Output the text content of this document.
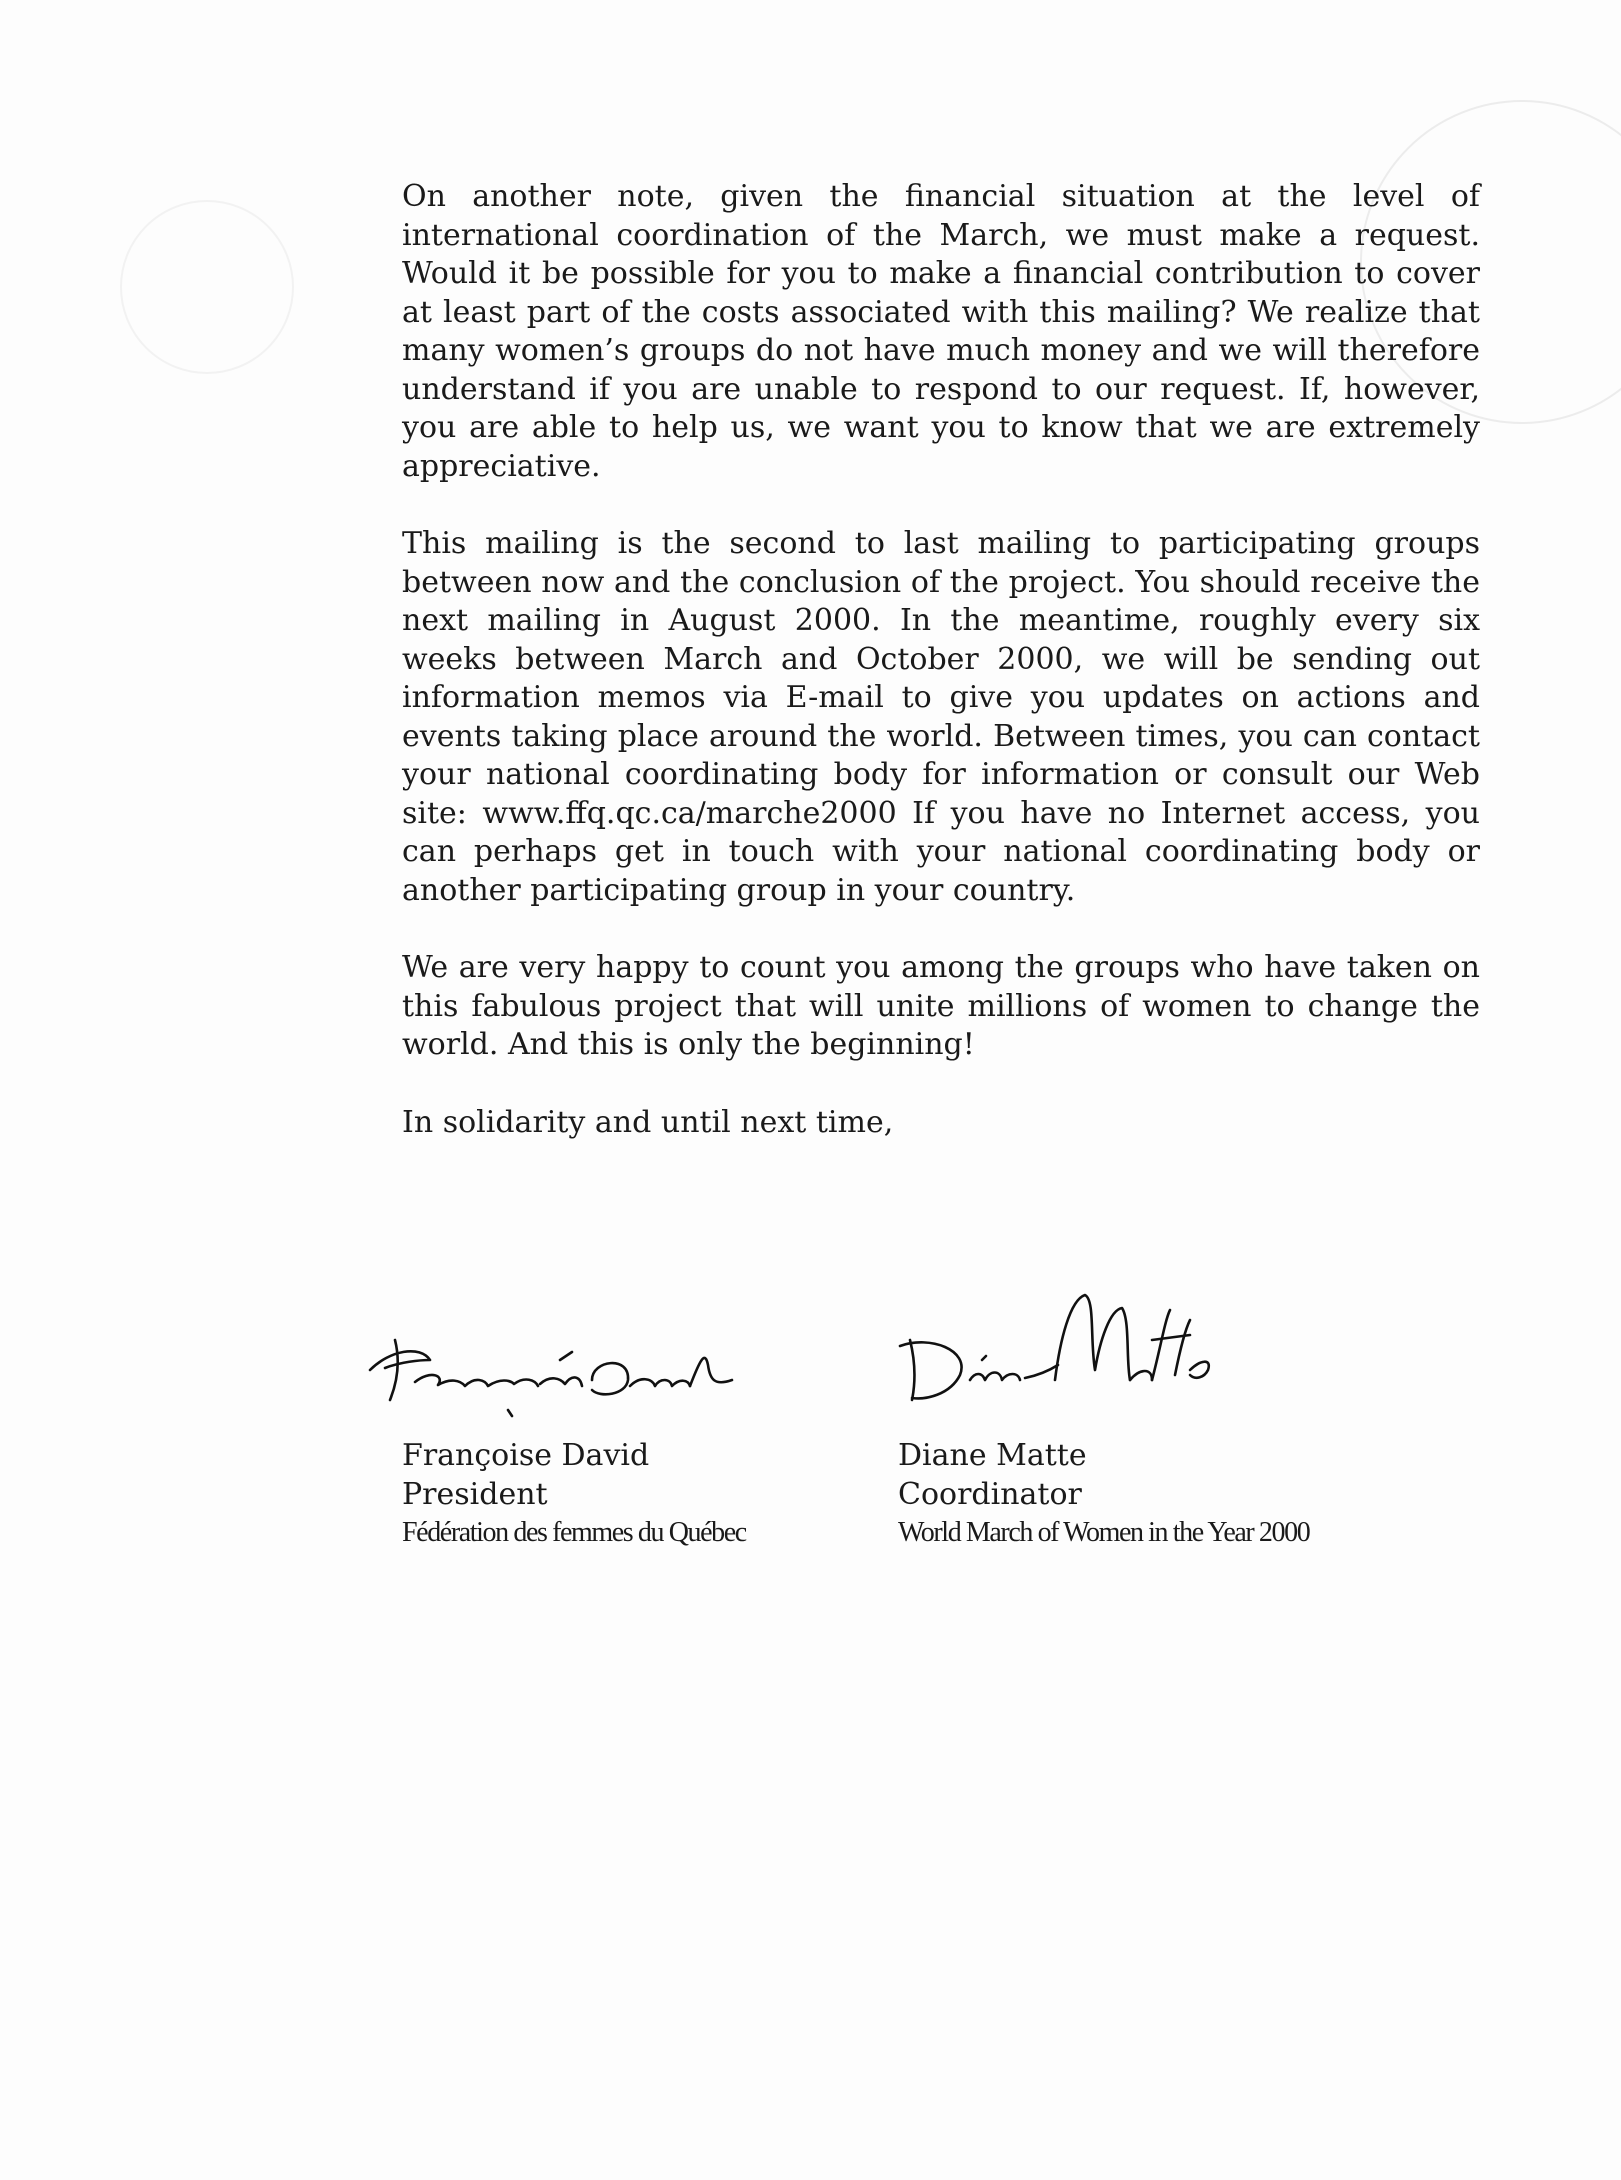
On another note, given the financial situation at the level of international coordination of the March, we must make a request. Would it be possible for you to make a financial contribution to cover at least part of the costs associated with this mailing? We realize that many women’s groups do not have much money and we will therefore understand if you are unable to respond to our request. If, however, you are able to help us, we want you to know that we are extremely appreciative.

This mailing is the second to last mailing to participating groups between now and the conclusion of the project. You should receive the next mailing in August 2000. In the meantime, roughly every six weeks between March and October 2000, we will be sending out information memos via E-mail to give you updates on actions and events taking place around the world. Between times, you can contact your national coordinating body for information or consult our Web site: www.ffq.qc.ca/marche2000 If you have no Internet access, you can perhaps get in touch with your national coordinating body or another participating group in your country.

We are very happy to count you among the groups who have taken on this fabulous project that will unite millions of women to change the world. And this is only the beginning!

In solidarity and until next time,

Françoise David
President
Fédération des femmes du Québec
Diane Matte
Coordinator
World March of Women in the Year 2000
